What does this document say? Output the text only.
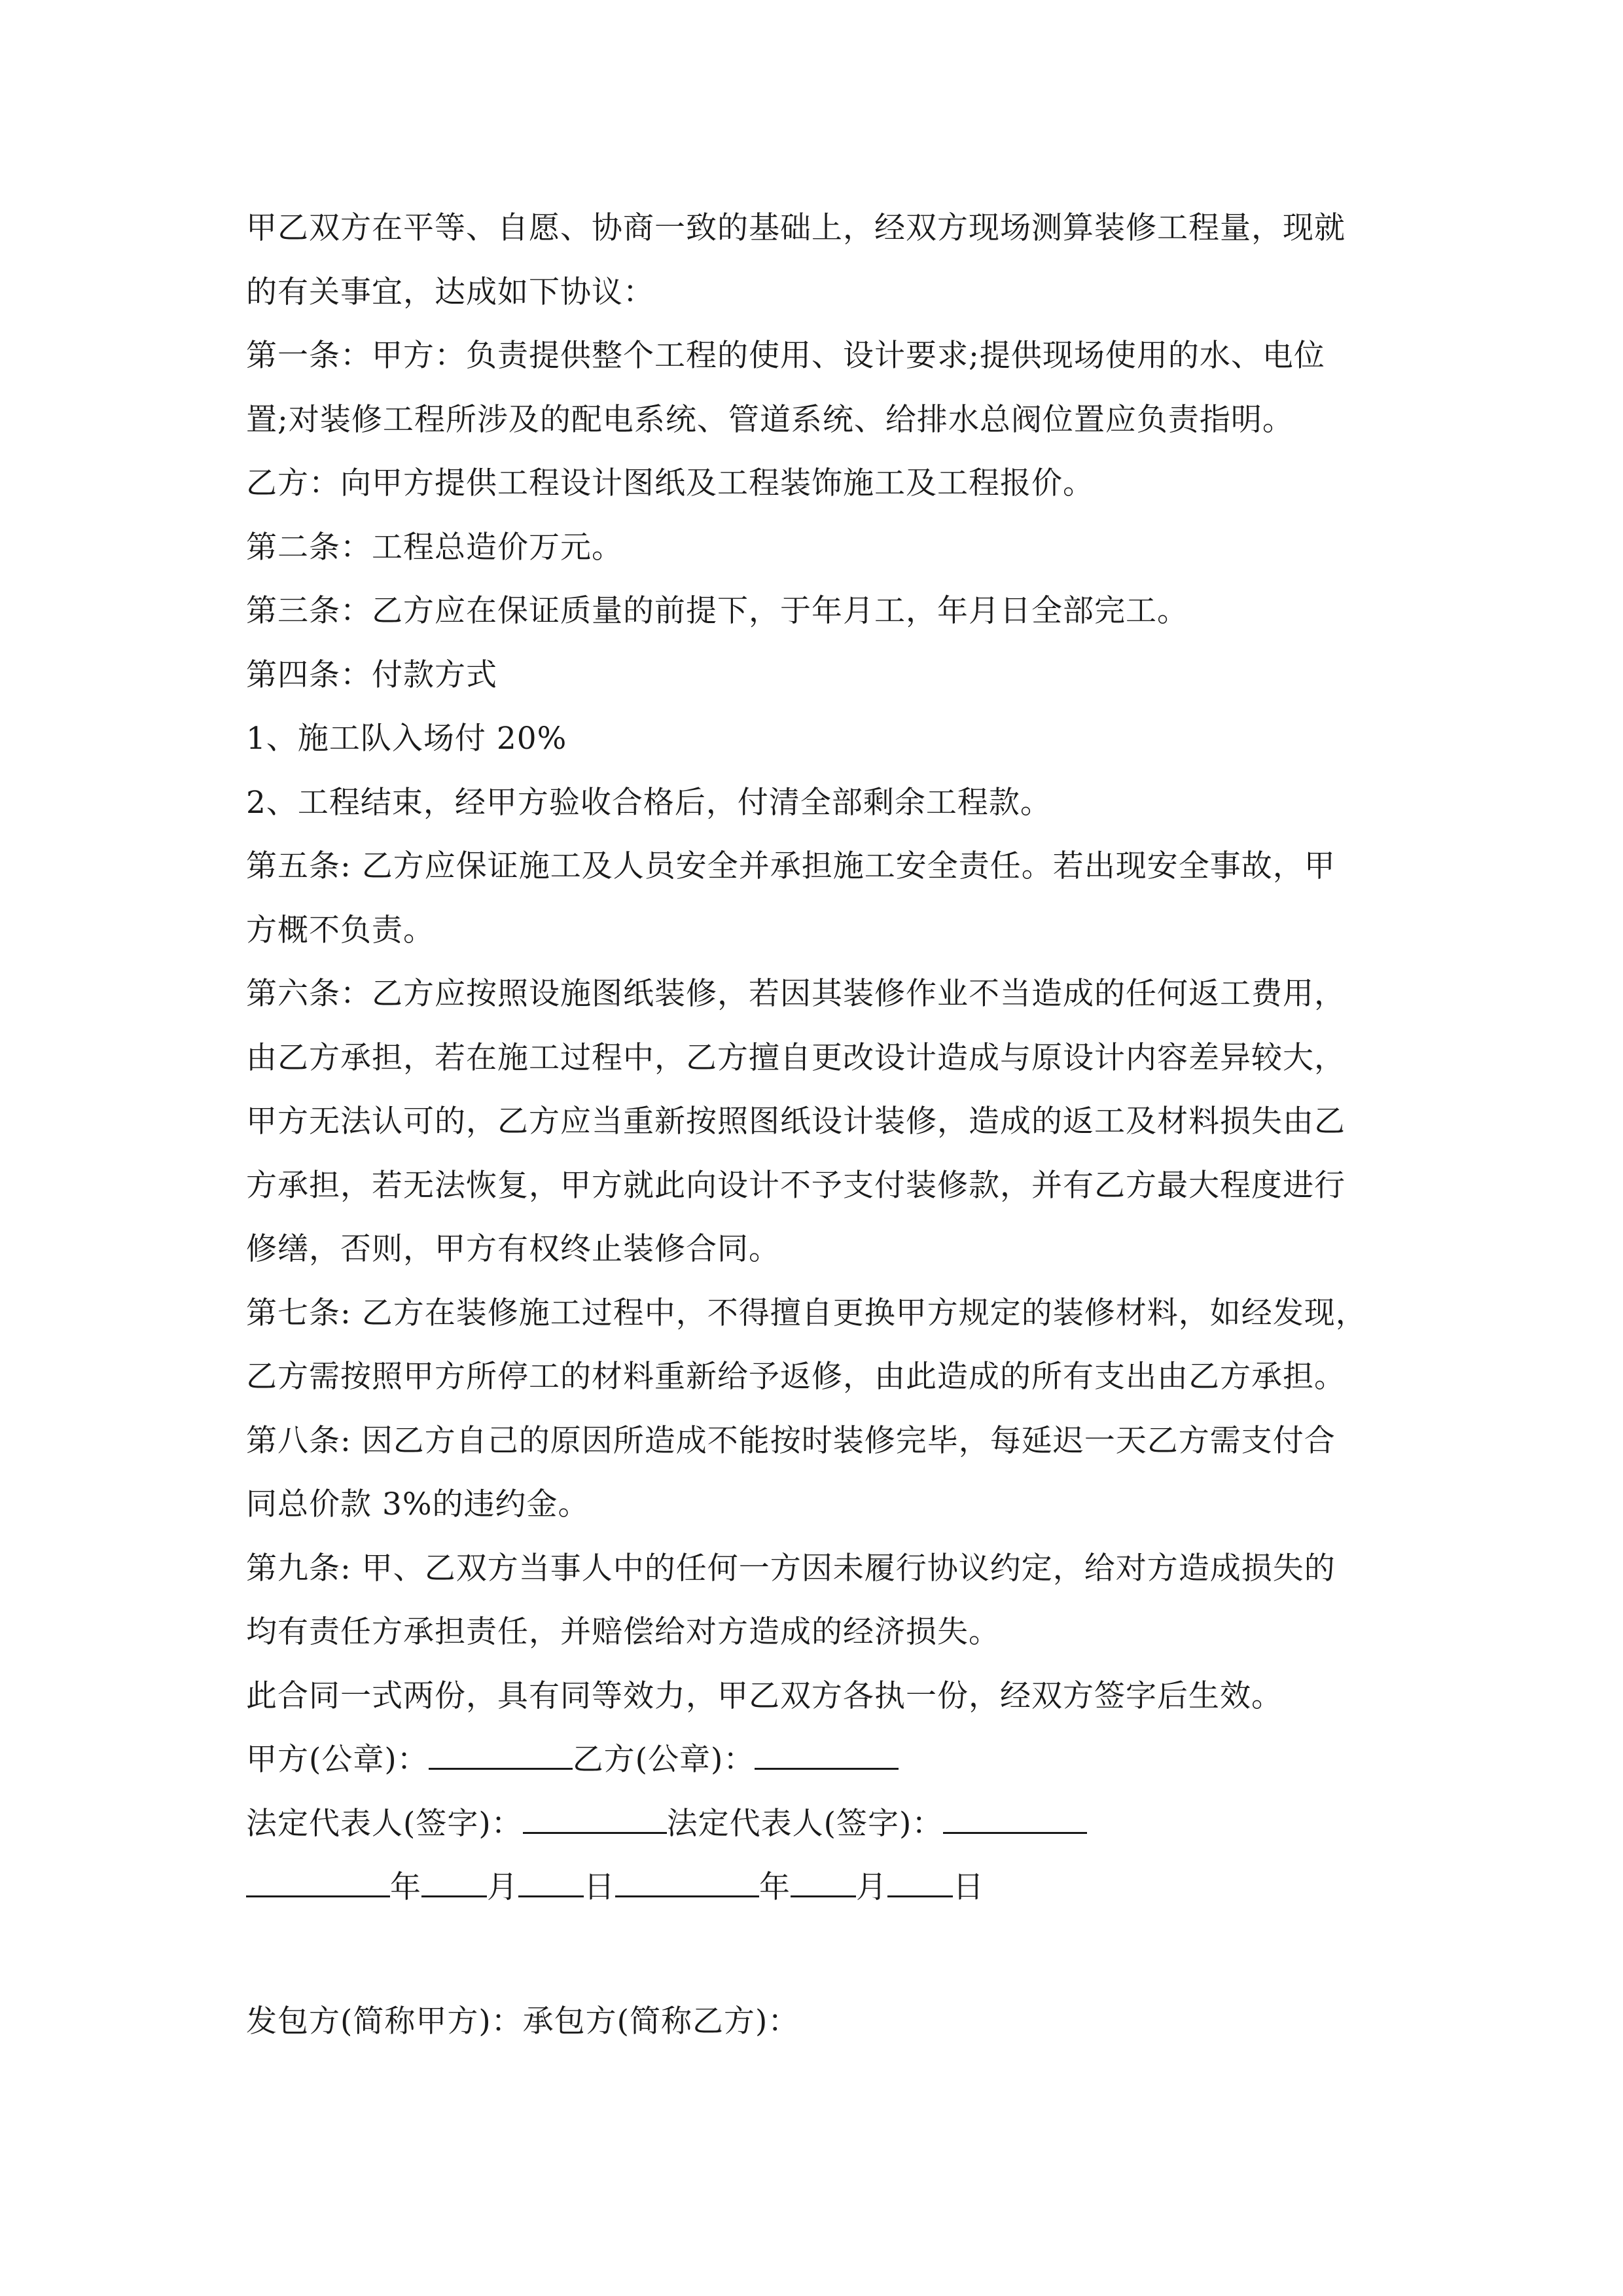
甲乙双方在平等、自愿、协商一致的基础上，经双方现场测算装修工程量，现就
的有关事宜，达成如下协议：
第一条：甲方：负责提供整个工程的使用、设计要求;提供现场使用的水、电位
置;对装修工程所涉及的配电系统、管道系统、给排水总阀位置应负责指明。
乙方：向甲方提供工程设计图纸及工程装饰施工及工程报价。
第二条：工程总造价万元。
第三条：乙方应在保证质量的前提下，于年月工，年月日全部完工。
第四条：付款方式
1、施工队入场付 20%
2、工程结束，经甲方验收合格后，付清全部剩余工程款。
第五条: 乙方应保证施工及人员安全并承担施工安全责任。若出现安全事故，甲
方概不负责。
第六条：乙方应按照设施图纸装修，若因其装修作业不当造成的任何返工费用，
由乙方承担，若在施工过程中，乙方擅自更改设计造成与原设计内容差异较大，
甲方无法认可的，乙方应当重新按照图纸设计装修，造成的返工及材料损失由乙
方承担，若无法恢复，甲方就此向设计不予支付装修款，并有乙方最大程度进行
修缮，否则，甲方有权终止装修合同。
第七条: 乙方在装修施工过程中，不得擅自更换甲方规定的装修材料，如经发现，
乙方需按照甲方所停工的材料重新给予返修，由此造成的所有支出由乙方承担。
第八条: 因乙方自己的原因所造成不能按时装修完毕，每延迟一天乙方需支付合
同总价款 3%的违约金。
第九条: 甲、乙双方当事人中的任何一方因未履行协议约定，给对方造成损失的
均有责任方承担责任，并赔偿给对方造成的经济损失。
此合同一式两份，具有同等效力，甲乙双方各执一份，经双方签字后生效。
甲方(公章)：	乙方(公章)：
法定代表人(签字)：	法定代表人(签字)：
年 月 日	年 月 日
发包方(简称甲方)：承包方(简称乙方)：
